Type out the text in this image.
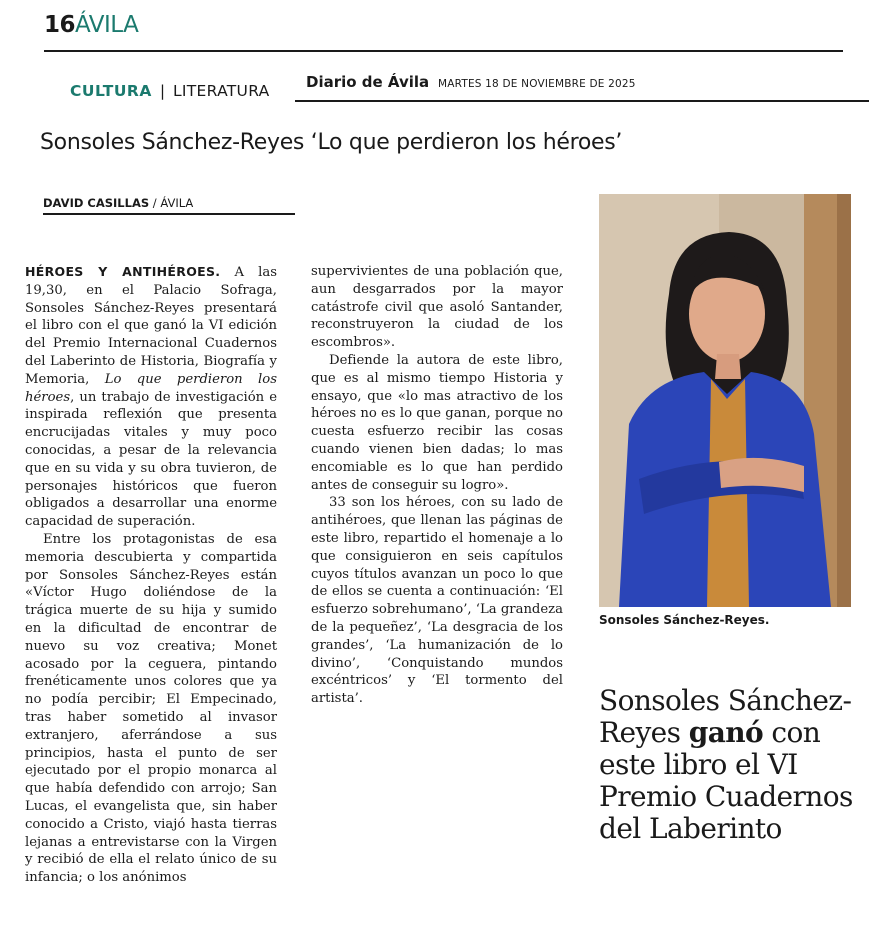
16ÁVILA
CULTURA | LITERATURA Diario de Ávila MARTES 18 DE NOVIEMBRE DE 2025
Sonsoles Sánchez-Reyes ‘Lo que perdieron los héroes’
DAVID CASILLAS / ÁVILA

HÉROES Y ANTIHÉROES. A las 19,30, en el Palacio Sofraga, Sonsoles Sánchez-Reyes presentará el libro con el que ganó la VI edición del Premio Internacional Cuadernos del Laberinto de Historia, Biografía y Memoria, Lo que perdieron los héroes, un trabajo de investigación e inspirada reflexión que presenta encrucijadas vitales y muy poco conocidas, a pesar de la relevancia que en su vida y su obra tuvieron, de personajes históricos que fueron obligados a desarrollar una enorme capacidad de superación.

Entre los protagonistas de esa memoria descubierta y compartida por Sonsoles Sánchez-Reyes están «Víctor Hugo doliéndose de la trágica muerte de su hija y sumido en la dificultad de encontrar de nuevo su voz creativa; Monet acosado por la ceguera, pintando frenéticamente unos colores que ya no podía percibir; El Empecinado, tras haber sometido al invasor extranjero, aferrándose a sus principios, hasta el punto de ser ejecutado por el propio monarca al que había defendido con arrojo; San Lucas, el evangelista que, sin haber conocido a Cristo, viajó hasta tierras lejanas a entrevistarse con la Virgen y recibió de ella el relato único de su infancia; o los anónimos

supervivientes de una población que, aun desgarrados por la mayor catástrofe civil que asoló Santander, reconstruyeron la ciudad de los escombros».

Defiende la autora de este libro, que es al mismo tiempo Historia y ensayo, que «lo mas atractivo de los héroes no es lo que ganan, porque no cuesta esfuerzo recibir las cosas cuando vienen bien dadas; lo mas encomiable es lo que han perdido antes de conseguir su logro».

33 son los héroes, con su lado de antihéroes, que llenan las páginas de este libro, repartido el homenaje a lo que consiguieron en seis capítulos cuyos títulos avanzan un poco lo que de ellos se cuenta a continuación: ‘El esfuerzo sobrehumano’, ‘La grandeza de la pequeñez’, ‘La desgracia de los grandes’, ‘La humanización de lo divino’, ‘Conquistando mundos excéntricos’ y ‘El tormento del artista’.

Sonsoles Sánchez-Reyes.
Sonsoles Sánchez-Reyes ganó con este libro el VI Premio Cuadernos del Laberinto
